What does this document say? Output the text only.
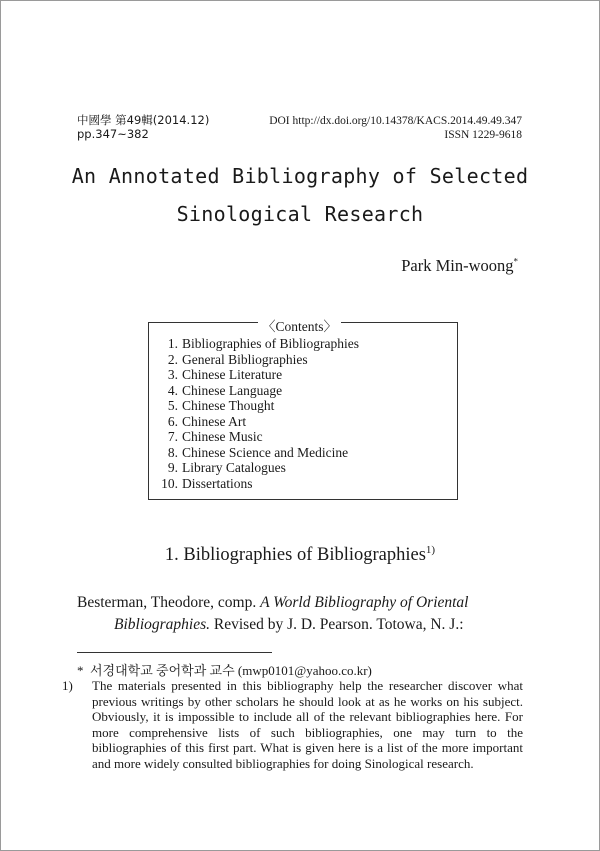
中國學 第49輯(2014.12)
pp.347~382
DOI http://dx.doi.org/10.14378/KACS.2014.49.49.347
ISSN 1229-9618
An Annotated Bibliography of Selected
Sinological Research
Park Min-woong*
〈Contents〉
1. Bibliographies of Bibliographies
2. General Bibliographies
3. Chinese Literature
4. Chinese Language
5. Chinese Thought
6. Chinese Art
7. Chinese Music
8. Chinese Science and Medicine
9. Library Catalogues
10. Dissertations
1. Bibliographies of Bibliographies$^{1)}$
Besterman, Theodore, comp. A World Bibliography of Oriental
Bibliographies. Revised by J. D. Pearson. Totowa, N. J.:
* 서경대학교 중어학과 교수 (mwp0101@yahoo.co.kr)
1) The materials presented in this bibliography help the researcher discover what previous writings by other scholars he should look at as he works on his subject. Obviously, it is impossible to include all of the relevant bibliographies here. For more comprehensive lists of such bibliographies, one may turn to the bibliographies of this first part. What is given here is a list of the more important and more widely consulted bibliographies for doing Sinological research.
